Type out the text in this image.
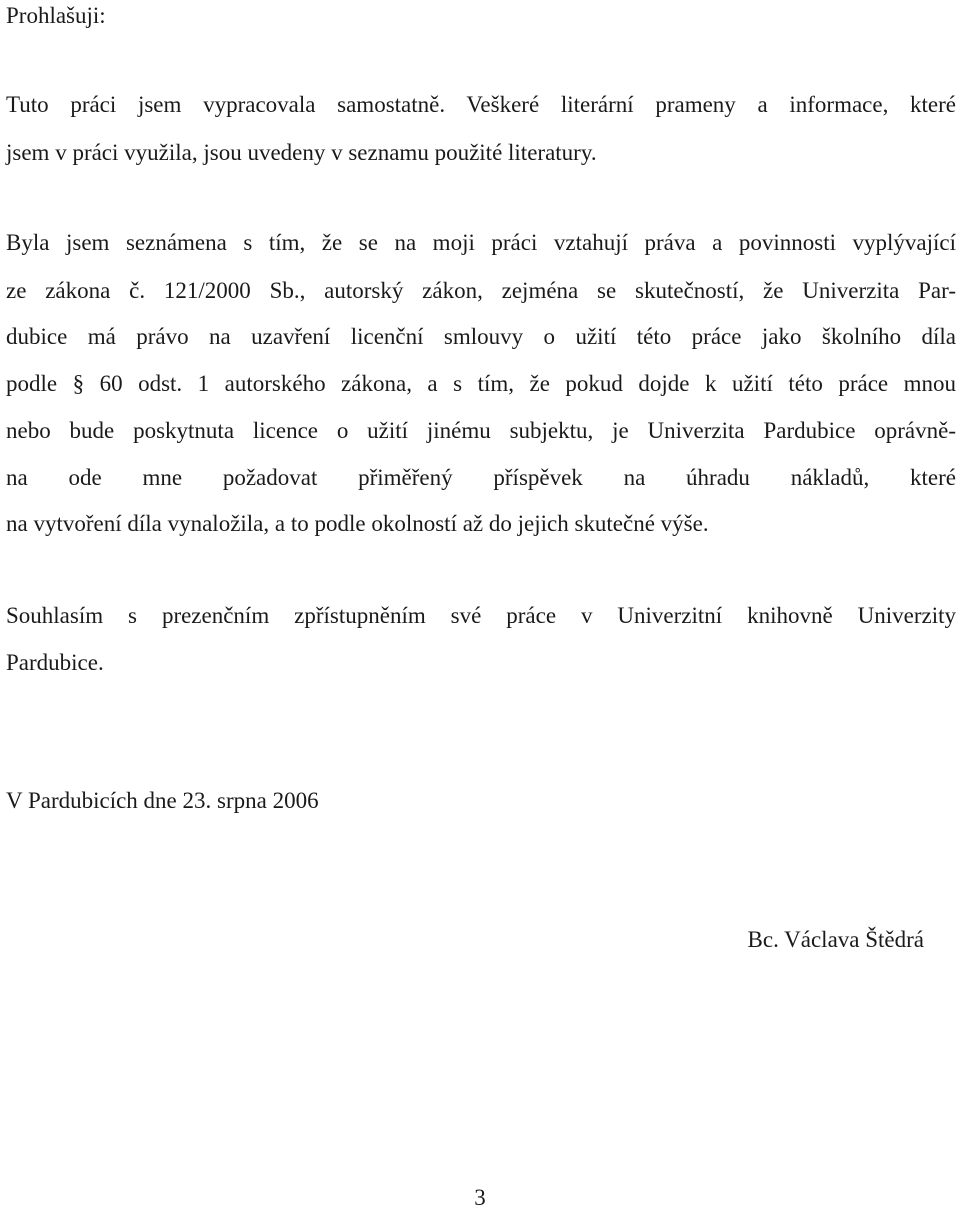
Prohlašuji:
Tuto práci jsem vypracovala samostatně. Veškeré literární prameny a informace, které
jsem v práci využila, jsou uvedeny v seznamu použité literatury.
Byla jsem seznámena s tím, že se na moji práci vztahují práva a povinnosti vyplývající
ze zákona č. 121/2000 Sb., autorský zákon, zejména se skutečností, že Univerzita Par-
dubice má právo na uzavření licenční smlouvy o užití této práce jako školního díla
podle § 60 odst. 1 autorského zákona, a s tím, že pokud dojde k užití této práce mnou
nebo bude poskytnuta licence o užití jinému subjektu, je Univerzita Pardubice oprávně-
na ode mne požadovat přiměřený příspěvek na úhradu nákladů, které
na vytvoření díla vynaložila, a to podle okolností až do jejich skutečné výše.
Souhlasím s prezenčním zpřístupněním své práce v Univerzitní knihovně Univerzity
Pardubice.
V Pardubicích dne 23. srpna 2006
Bc. Václava Štědrá
3
